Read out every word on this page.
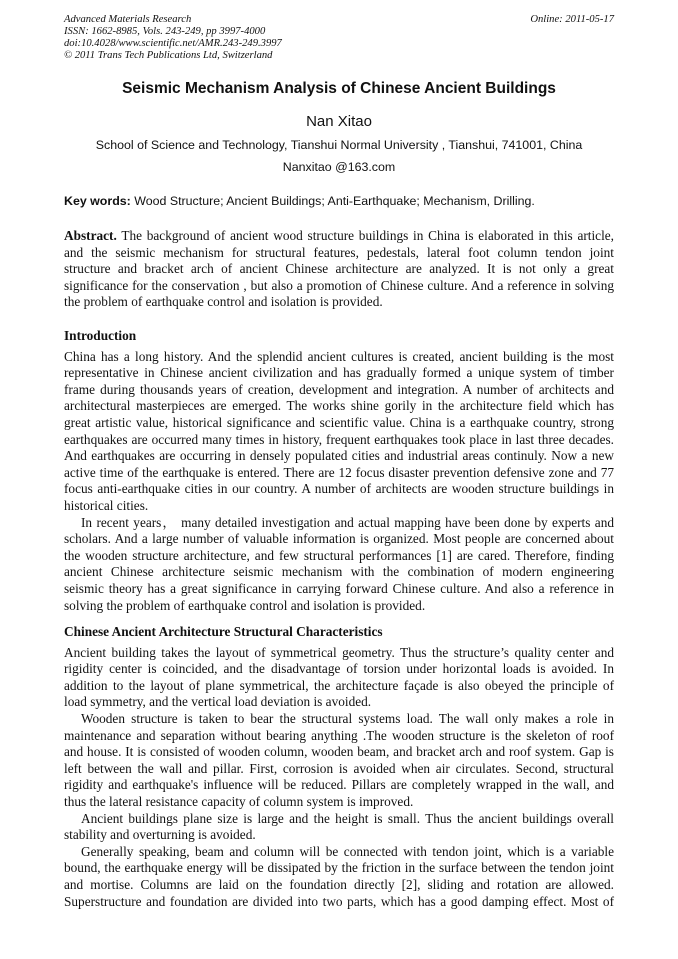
Advanced Materials Research
ISSN: 1662-8985, Vols. 243-249, pp 3997-4000
doi:10.4028/www.scientific.net/AMR.243-249.3997
© 2011 Trans Tech Publications Ltd, Switzerland
Online: 2011-05-17
Seismic Mechanism Analysis of Chinese Ancient Buildings
Nan Xitao
School of Science and Technology, Tianshui Normal University , Tianshui, 741001, China
Nanxitao @163.com
Key words: Wood Structure; Ancient Buildings; Anti-Earthquake; Mechanism, Drilling.
Abstract. The background of ancient wood structure buildings in China is elaborated in this article,
and the seismic mechanism for structural features, pedestals, lateral foot column tendon joint
structure and bracket arch of ancient Chinese architecture are analyzed. It is not only a great
significance for the conservation , but also a promotion of Chinese culture. And a reference in solving
the problem of earthquake control and isolation is provided.
Introduction
China has a long history. And the splendid ancient cultures is created, ancient building is the most
representative in Chinese ancient civilization and has gradually formed a unique system of timber
frame during thousands years of creation, development and integration. A number of architects and
architectural masterpieces are emerged. The works shine gorily in the architecture field which has
great artistic value, historical significance and scientific value. China is a earthquake country, strong
earthquakes are occurred many times in history, frequent earthquakes took place in last three decades.
And earthquakes are occurring in densely populated cities and industrial areas continuly. Now a new
active time of the earthquake is entered. There are 12 focus disaster prevention defensive zone and 77
focus anti-earthquake cities in our country. A number of architects are wooden structure buildings in
historical cities.
In recent years， many detailed investigation and actual mapping have been done by experts and
scholars. And a large number of valuable information is organized. Most people are concerned about
the wooden structure architecture, and few structural performances [1] are cared. Therefore, finding
ancient Chinese architecture seismic mechanism with the combination of modern engineering
seismic theory has a great significance in carrying forward Chinese culture. And also a reference in
solving the problem of earthquake control and isolation is provided.
Chinese Ancient Architecture Structural Characteristics
Ancient building takes the layout of symmetrical geometry. Thus the structure’s quality center and
rigidity center is coincided, and the disadvantage of torsion under horizontal loads is avoided. In
addition to the layout of plane symmetrical, the architecture façade is also obeyed the principle of
load symmetry, and the vertical load deviation is avoided.
Wooden structure is taken to bear the structural systems load. The wall only makes a role in
maintenance and separation without bearing anything .The wooden structure is the skeleton of roof
and house. It is consisted of wooden column, wooden beam, and bracket arch and roof system. Gap is
left between the wall and pillar. First, corrosion is avoided when air circulates. Second, structural
rigidity and earthquake's influence will be reduced. Pillars are completely wrapped in the wall, and
thus the lateral resistance capacity of column system is improved.
Ancient buildings plane size is large and the height is small. Thus the ancient buildings overall
stability and overturning is avoided.
Generally speaking, beam and column will be connected with tendon joint, which is a variable
bound, the earthquake energy will be dissipated by the friction in the surface between the tendon joint
and mortise. Columns are laid on the foundation directly [2], sliding and rotation are allowed.
Superstructure and foundation are divided into two parts, which has a good damping effect. Most of
